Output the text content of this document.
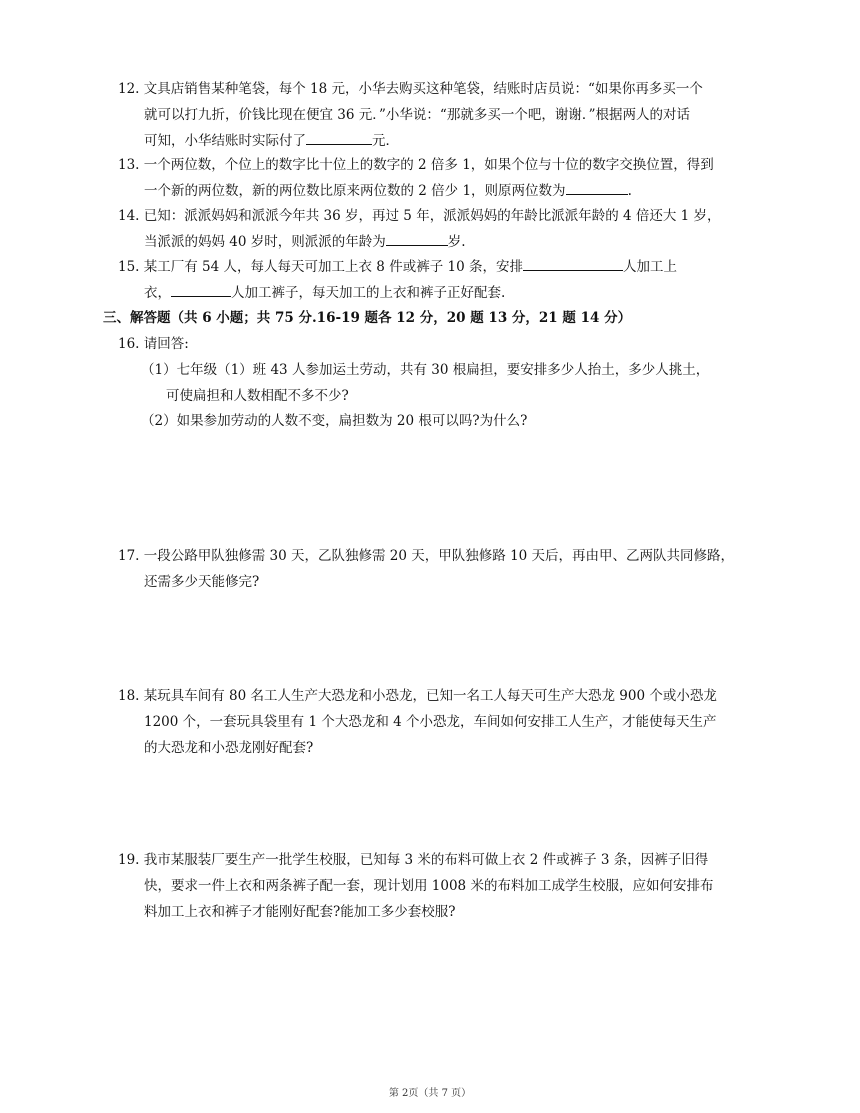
12. 文具店销售某种笔袋，每个 18 元，小华去购买这种笔袋，结账时店员说：“如果你再多买一个
就可以打九折，价钱比现在便宜 36 元．”小华说：“那就多买一个吧，谢谢．”根据两人的对话
可知，小华结账时实际付了	元．
13. 一个两位数，个位上的数字比十位上的数字的 2 倍多 1，如果个位与十位的数字交换位置，得到
一个新的两位数，新的两位数比原来两位数的 2 倍少 1，则原两位数为	.
14. 已知：派派妈妈和派派今年共 36 岁，再过 5 年，派派妈妈的年龄比派派年龄的 4 倍还大 1 岁，
当派派的妈妈 40 岁时，则派派的年龄为	岁.
15. 某工厂有 54 人，每人每天可加工上衣 8 件或裤子 10 条，安排	人加工上
衣，	人加工裤子，每天加工的上衣和裤子正好配套.
三、解答题（共 6 小题；共 75 分.16-19 题各 12 分，20 题 13 分，21 题 14 分）
16. 请回答:
（1）七年级（1）班 43 人参加运土劳动，共有 30 根扁担，要安排多少人抬土，多少人挑土，
可使扁担和人数相配不多不少?
（2）如果参加劳动的人数不变，扁担数为 20 根可以吗?为什么?
17. 一段公路甲队独修需 30 天，乙队独修需 20 天，甲队独修路 10 天后，再由甲、乙两队共同修路，
还需多少天能修完?
18. 某玩具车间有 80 名工人生产大恐龙和小恐龙，已知一名工人每天可生产大恐龙 900 个或小恐龙
1200 个，一套玩具袋里有 1 个大恐龙和 4 个小恐龙，车间如何安排工人生产，才能使每天生产
的大恐龙和小恐龙刚好配套?
19. 我市某服装厂要生产一批学生校服，已知每 3 米的布料可做上衣 2 件或裤子 3 条，因裤子旧得
快，要求一件上衣和两条裤子配一套，现计划用 1008 米的布料加工成学生校服，应如何安排布
料加工上衣和裤子才能刚好配套?能加工多少套校服?
第 2页（共 7 页）
